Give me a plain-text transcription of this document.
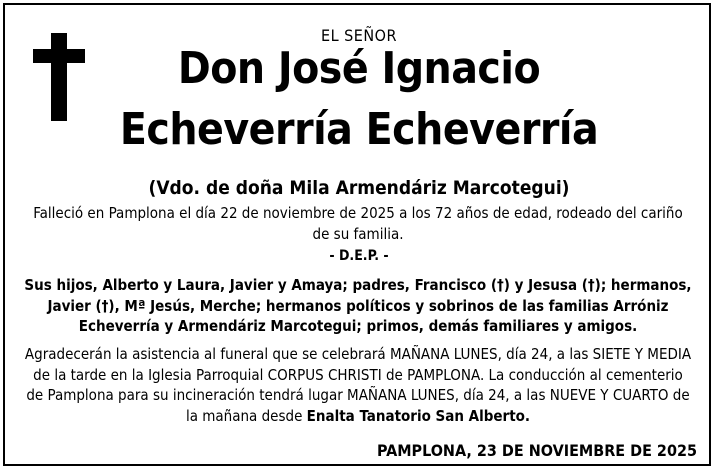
EL SEÑOR
Don José Ignacio
Echeverría Echeverría
(Vdo. de doña Mila Armendáriz Marcotegui)
Falleció en Pamplona el día 22 de noviembre de 2025 a los 72 años de edad, rodeado del cariño de su familia.
- D.E.P. -
Sus hijos, Alberto y Laura, Javier y Amaya; padres, Francisco (†) y Jesusa (†); hermanos, Javier (†), Mª Jesús, Merche; hermanos políticos y sobrinos de las familias Arróniz Echeverría y Armendáriz Marcotegui; primos, demás familiares y amigos.
Agradecerán la asistencia al funeral que se celebrará MAÑANA LUNES, día 24, a las SIETE Y MEDIA de la tarde en la Iglesia Parroquial CORPUS CHRISTI de PAMPLONA. La conducción al cementerio de Pamplona para su incineración tendrá lugar MAÑANA LUNES, día 24, a las NUEVE Y CUARTO de la mañana desde Enalta Tanatorio San Alberto.
PAMPLONA, 23 DE NOVIEMBRE DE 2025
